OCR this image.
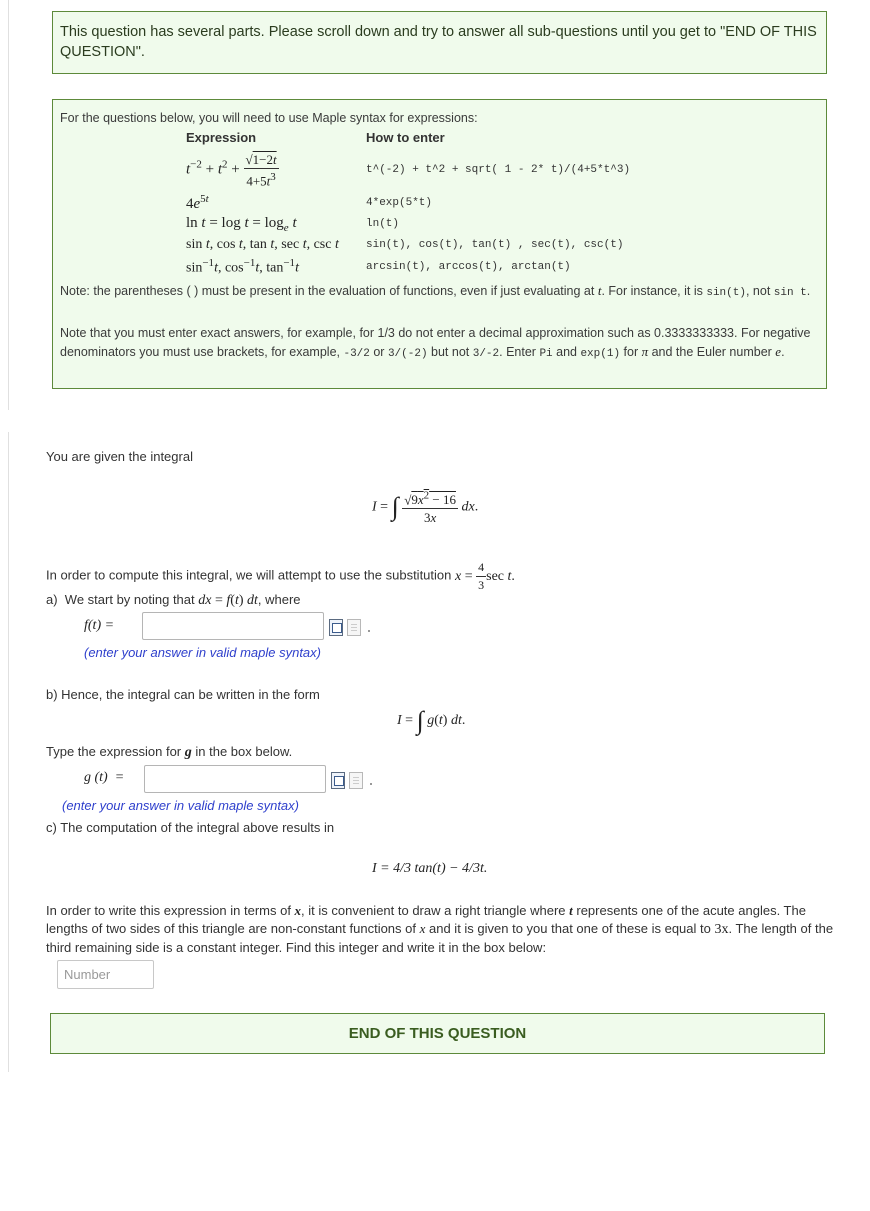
This question has several parts. Please scroll down and try to answer all sub-questions until you get to "END OF THIS QUESTION".
For the questions below, you will need to use Maple syntax for expressions:
Expression	How to enter
$t^{-2} + t^2 + \frac{√1-2t}{4+5t^3}$	t^(-2) + t^2 + sqrt( 1 - 2* t)/(4+5*t^3)
$4e^{5t}$	4*exp(5*t)
$\ln t = \log t = \log_e t$	ln(t)
sin t, cos t, tan t, sec t, csc t	sin(t), cos(t), tan(t) , sec(t), csc(t)
$\sin^{-1}t$, $\cos^{-1}t$, $\tan^{-1}t$	arcsin(t), arccos(t), arctan(t)
Note: the parentheses ( ) must be present in the evaluation of functions, even if just evaluating at t. For instance, it is sin(t), not sin t.
Note that you must enter exact answers, for example, for 1/3 do not enter a decimal approximation such as 0.3333333333. For negative denominators you must use brackets, for example, -3/2 or 3/(-2) but not 3/-2. Enter Pi and exp(1) for π and the Euler number e.
You are given the integral
I = ∫ $\frac{√9x^2 - 16}{3x}$ dx.
In order to compute this integral, we will attempt to use the substitution $x = \frac{4}{3}$ sec t.
a) We start by noting that dx = f(t) dt, where
f(t) =
(enter your answer in valid maple syntax)
b) Hence, the integral can be written in the form
I = ∫ g(t) dt.
Type the expression for g in the box below.
g (t)  =
(enter your answer in valid maple syntax)
c) The computation of the integral above results in
I = 4/3 tan(t) − 4/3t.
In order to write this expression in terms of x, it is convenient to draw a right triangle where t represents one of the acute angles. The lengths of two sides of this triangle are non-constant functions of x and it is given to you that one of these is equal to 3x. The length of the third remaining side is a constant integer. Find this integer and write it in the box below:
Number
END OF THIS QUESTION
